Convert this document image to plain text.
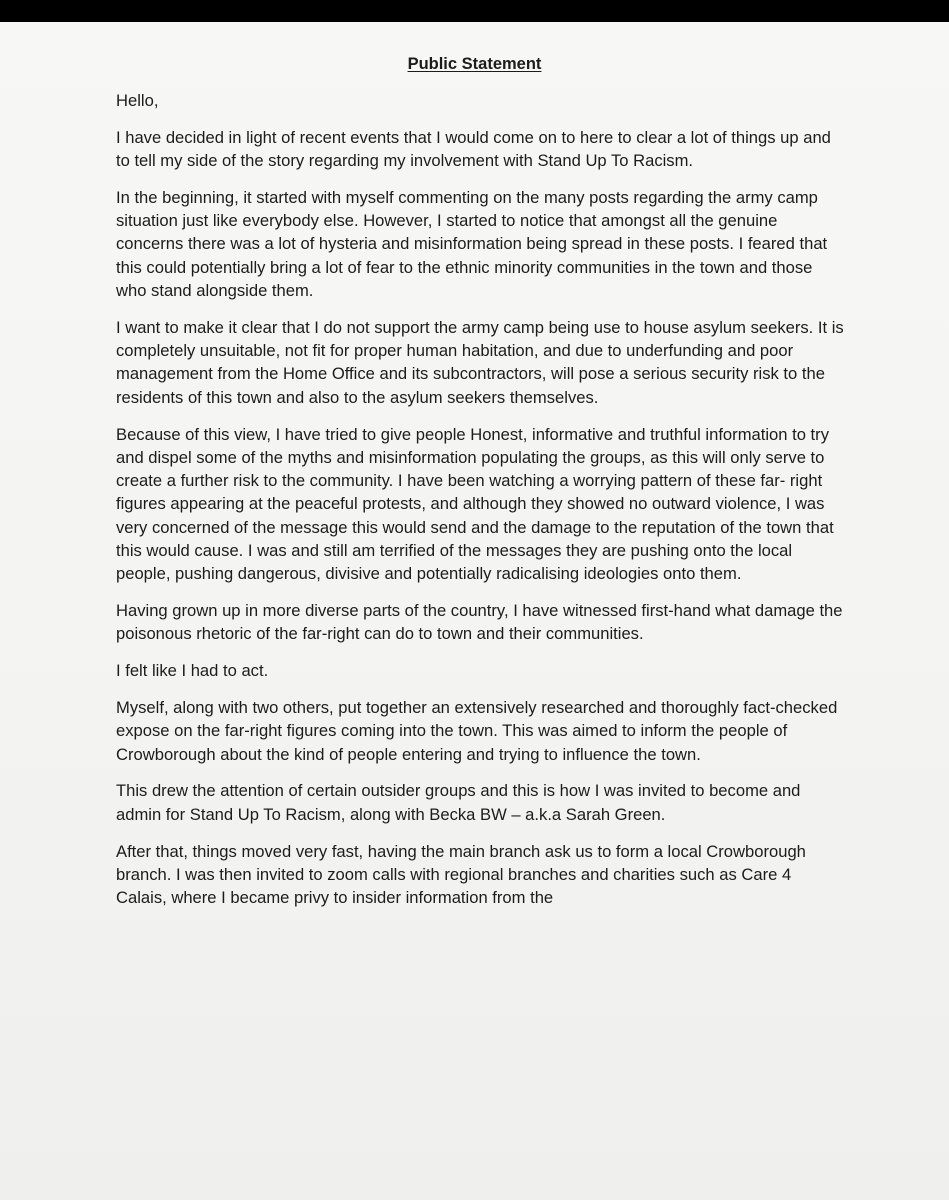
Public Statement

Hello,

I have decided in light of recent events that I would come on to here to clear a lot of things up and to tell my side of the story regarding my involvement with Stand Up To Racism.

In the beginning, it started with myself commenting on the many posts regarding the army camp situation just like everybody else. However, I started to notice that amongst all the genuine concerns there was a lot of hysteria and misinformation being spread in these posts. I feared that this could potentially bring a lot of fear to the ethnic minority communities in the town and those who stand alongside them.

I want to make it clear that I do not support the army camp being use to house asylum seekers. It is completely unsuitable, not fit for proper human habitation, and due to underfunding and poor management from the Home Office and its subcontractors, will pose a serious security risk to the residents of this town and also to the asylum seekers themselves.

Because of this view, I have tried to give people Honest, informative and truthful information to try and dispel some of the myths and misinformation populating the groups, as this will only serve to create a further risk to the community. I have been watching a worrying pattern of these far- right figures appearing at the peaceful protests, and although they showed no outward violence, I was very concerned of the message this would send and the damage to the reputation of the town that this would cause. I was and still am terrified of the messages they are pushing onto the local people, pushing dangerous, divisive and potentially radicalising ideologies onto them.

Having grown up in more diverse parts of the country, I have witnessed first-hand what damage the poisonous rhetoric of the far-right can do to town and their communities.

I felt like I had to act.

Myself, along with two others, put together an extensively researched and thoroughly fact-checked expose on the far-right figures coming into the town. This was aimed to inform the people of Crowborough about the kind of people entering and trying to influence the town.

This drew the attention of certain outsider groups and this is how I was invited to become and admin for Stand Up To Racism, along with Becka BW – a.k.a Sarah Green.

After that, things moved very fast, having the main branch ask us to form a local Crowborough branch. I was then invited to zoom calls with regional branches and charities such as Care 4 Calais, where I became privy to insider information from the
